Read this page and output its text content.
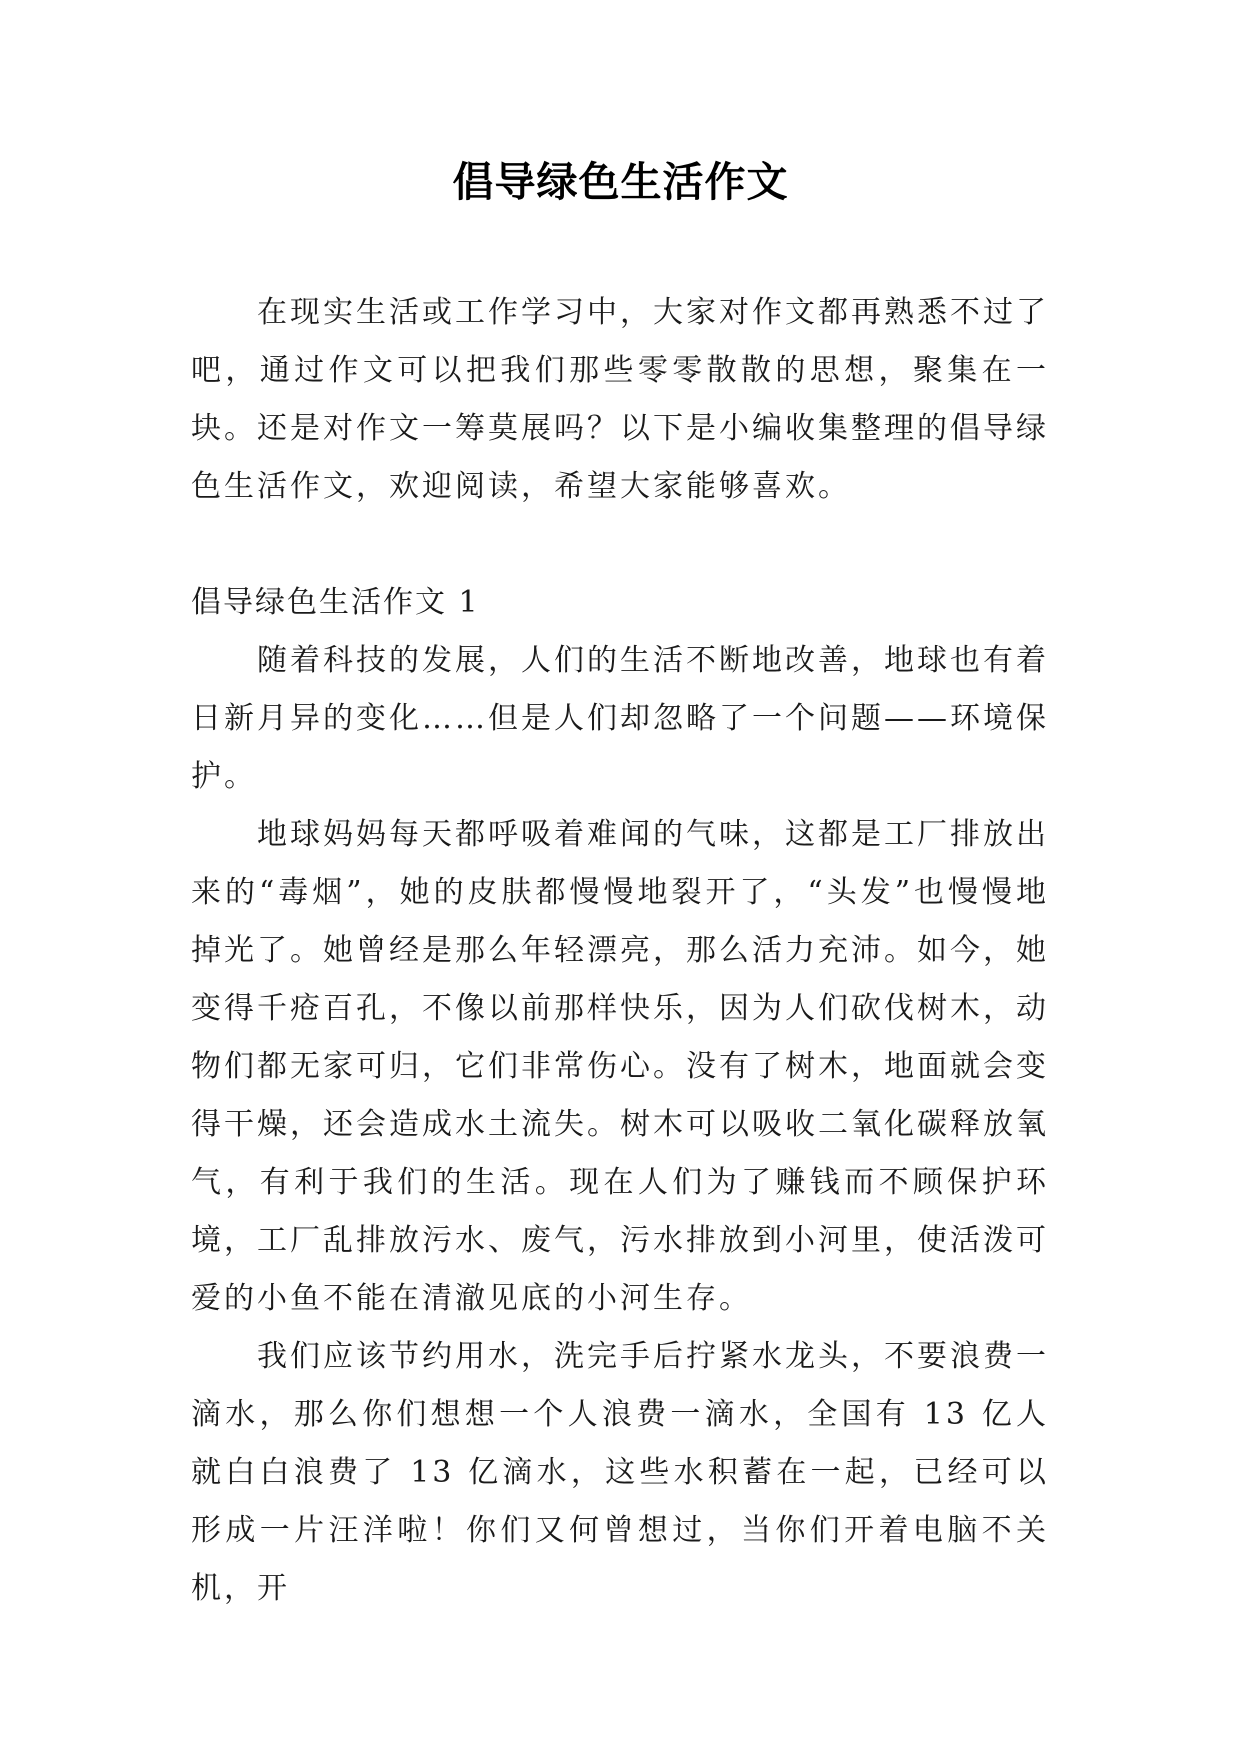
倡导绿色生活作文

在现实生活或工作学习中，大家对作文都再熟悉不过了吧，通过作文可以把我们那些零零散散的思想，聚集在一块。还是对作文一筹莫展吗？以下是小编收集整理的倡导绿色生活作文，欢迎阅读，希望大家能够喜欢。

倡导绿色生活作文 1

随着科技的发展，人们的生活不断地改善，地球也有着日新月异的变化……但是人们却忽略了一个问题——环境保护。

地球妈妈每天都呼吸着难闻的气味，这都是工厂排放出来的“毒烟”，她的皮肤都慢慢地裂开了，“头发”也慢慢地掉光了。她曾经是那么年轻漂亮，那么活力充沛。如今，她变得千疮百孔，不像以前那样快乐，因为人们砍伐树木，动物们都无家可归，它们非常伤心。没有了树木，地面就会变得干燥，还会造成水土流失。树木可以吸收二氧化碳释放氧气，有利于我们的生活。现在人们为了赚钱而不顾保护环境，工厂乱排放污水、废气，污水排放到小河里，使活泼可爱的小鱼不能在清澈见底的小河生存。

我们应该节约用水，洗完手后拧紧水龙头，不要浪费一滴水，那么你们想想一个人浪费一滴水，全国有 13 亿人就白白浪费了 13 亿滴水，这些水积蓄在一起，已经可以形成一片汪洋啦！你们又何曾想过，当你们开着电脑不关机，开
